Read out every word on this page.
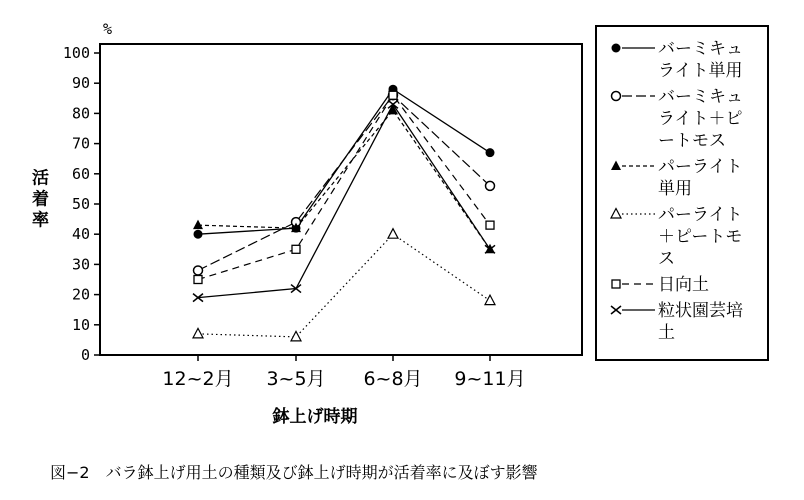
0
10
20
30
40
50
60
70
80
90
100
12~2月 3~5月 6~8月 9~11月
%
活着率
鉢上げ時期
バーミキュ
ライト単用
バーミキュ
ライト＋ピ
ートモス
パーライト
単用
パーライト
＋ピートモ
ス
日向土
粒状園芸培
土
図−2　バラ鉢上げ用土の種類及び鉢上げ時期が活着率に及ぼす影響
